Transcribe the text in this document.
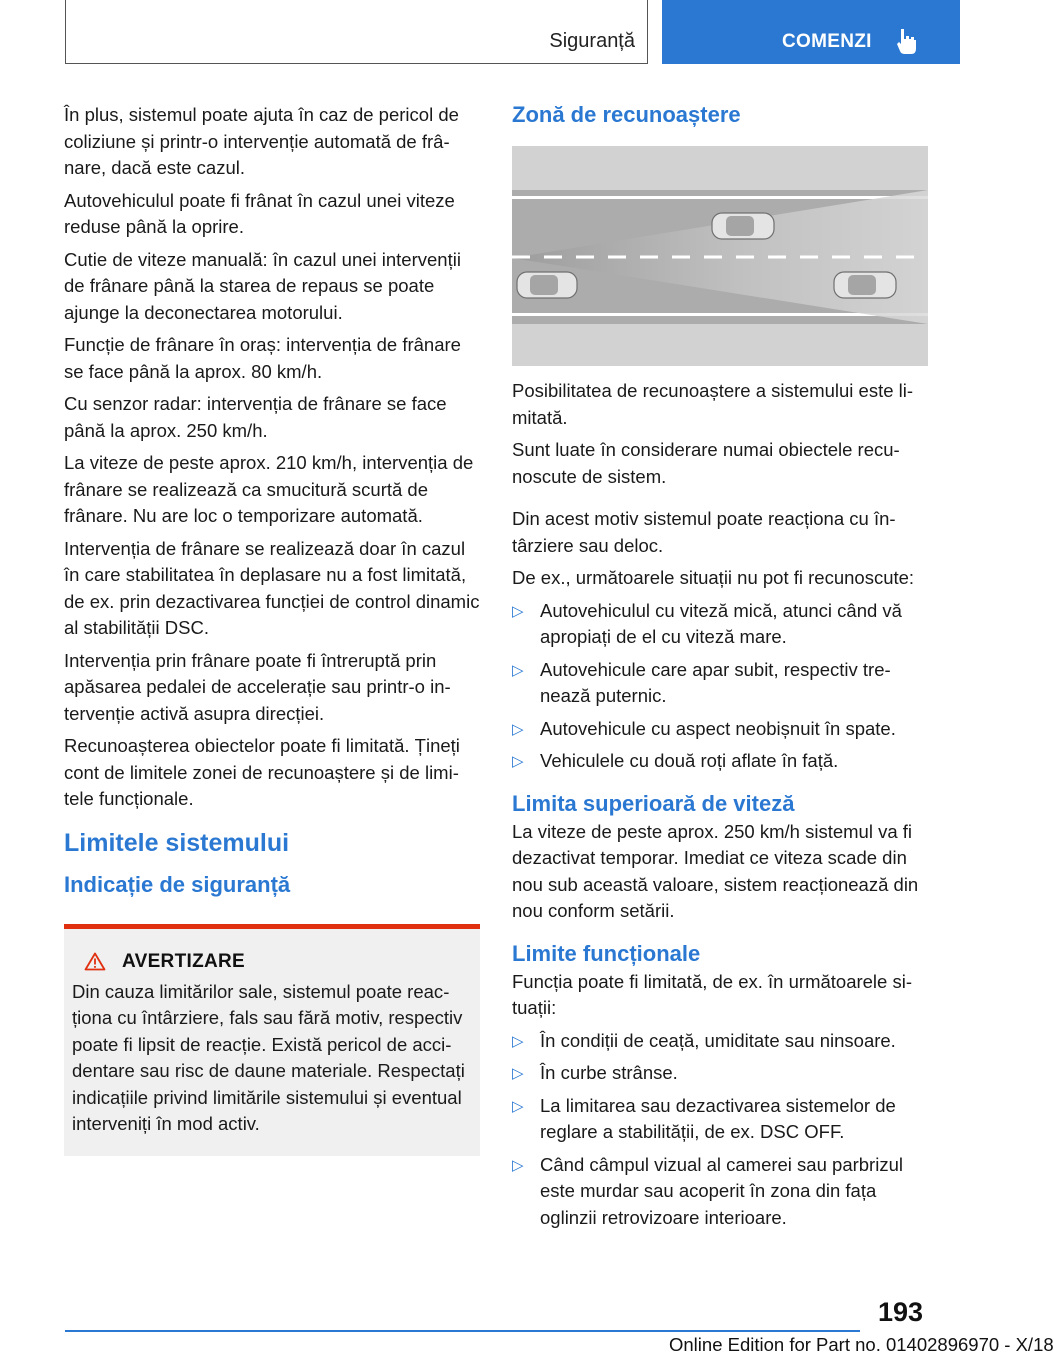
Siguranță	COMENZI

În plus, sistemul poate ajuta în caz de pericol de coliziune și printr-o intervenție automată de frânare, dacă este cazul.

Autovehiculul poate fi frânat în cazul unei viteze reduse până la oprire.

Cutie de viteze manuală: în cazul unei intervenții de frânare până la starea de repaus se poate ajunge la deconectarea motorului.

Funcție de frânare în oraș: intervenția de frânare se face până la aprox. 80 km/h.

Cu senzor radar: intervenția de frânare se face până la aprox. 250 km/h.

La viteze de peste aprox. 210 km/h, intervenția de frânare se realizează ca smucitură scurtă de frânare. Nu are loc o temporizare automată.

Intervenția de frânare se realizează doar în cazul în care stabilitatea în deplasare nu a fost limitată, de ex. prin dezactivarea funcției de control dinamic al stabilității DSC.

Intervenția prin frânare poate fi întreruptă prin apăsarea pedalei de accelerație sau printr-o intervenție activă asupra direcției.

Recunoașterea obiectelor poate fi limitată. Țineți cont de limitele zonei de recunoaștere și de limitele funcționale.

Limitele sistemului
Indicație de siguranță
AVERTIZARE

Din cauza limitărilor sale, sistemul poate reacționa cu întârziere, fals sau fără motiv, respectiv poate fi lipsit de reacție. Există pericol de accidentare sau risc de daune materiale. Respectați indicațiile privind limitările sistemului și eventual interveniți în mod activ.

Zonă de recunoaștere

Posibilitatea de recunoaștere a sistemului este limitată.

Sunt luate în considerare numai obiectele recunoscute de sistem.

Din acest motiv sistemul poate reacționa cu întârziere sau deloc.

De ex., următoarele situații nu pot fi recunoscute:

▷ Autovehiculul cu viteză mică, atunci când vă apropiați de el cu viteză mare.
▷ Autovehicule care apar subit, respectiv trenează puternic.
▷ Autovehicule cu aspect neobișnuit în spate.
▷ Vehiculele cu două roți aflate în față.
Limita superioară de viteză

La viteze de peste aprox. 250 km/h sistemul va fi dezactivat temporar. Imediat ce viteza scade din nou sub această valoare, sistem reacționează din nou conform setării.

Limite funcționale

Funcția poate fi limitată, de ex. în următoarele situații:

▷ În condiții de ceață, umiditate sau ninsoare.
▷ În curbe strânse.
▷ La limitarea sau dezactivarea sistemelor de reglare a stabilității, de ex. DSC OFF.
▷ Când câmpul vizual al camerei sau parbrizul este murdar sau acoperit în zona din fața oglinzii retrovizoare interioare.
193
Online Edition for Part no. 01402896970 - X/18
